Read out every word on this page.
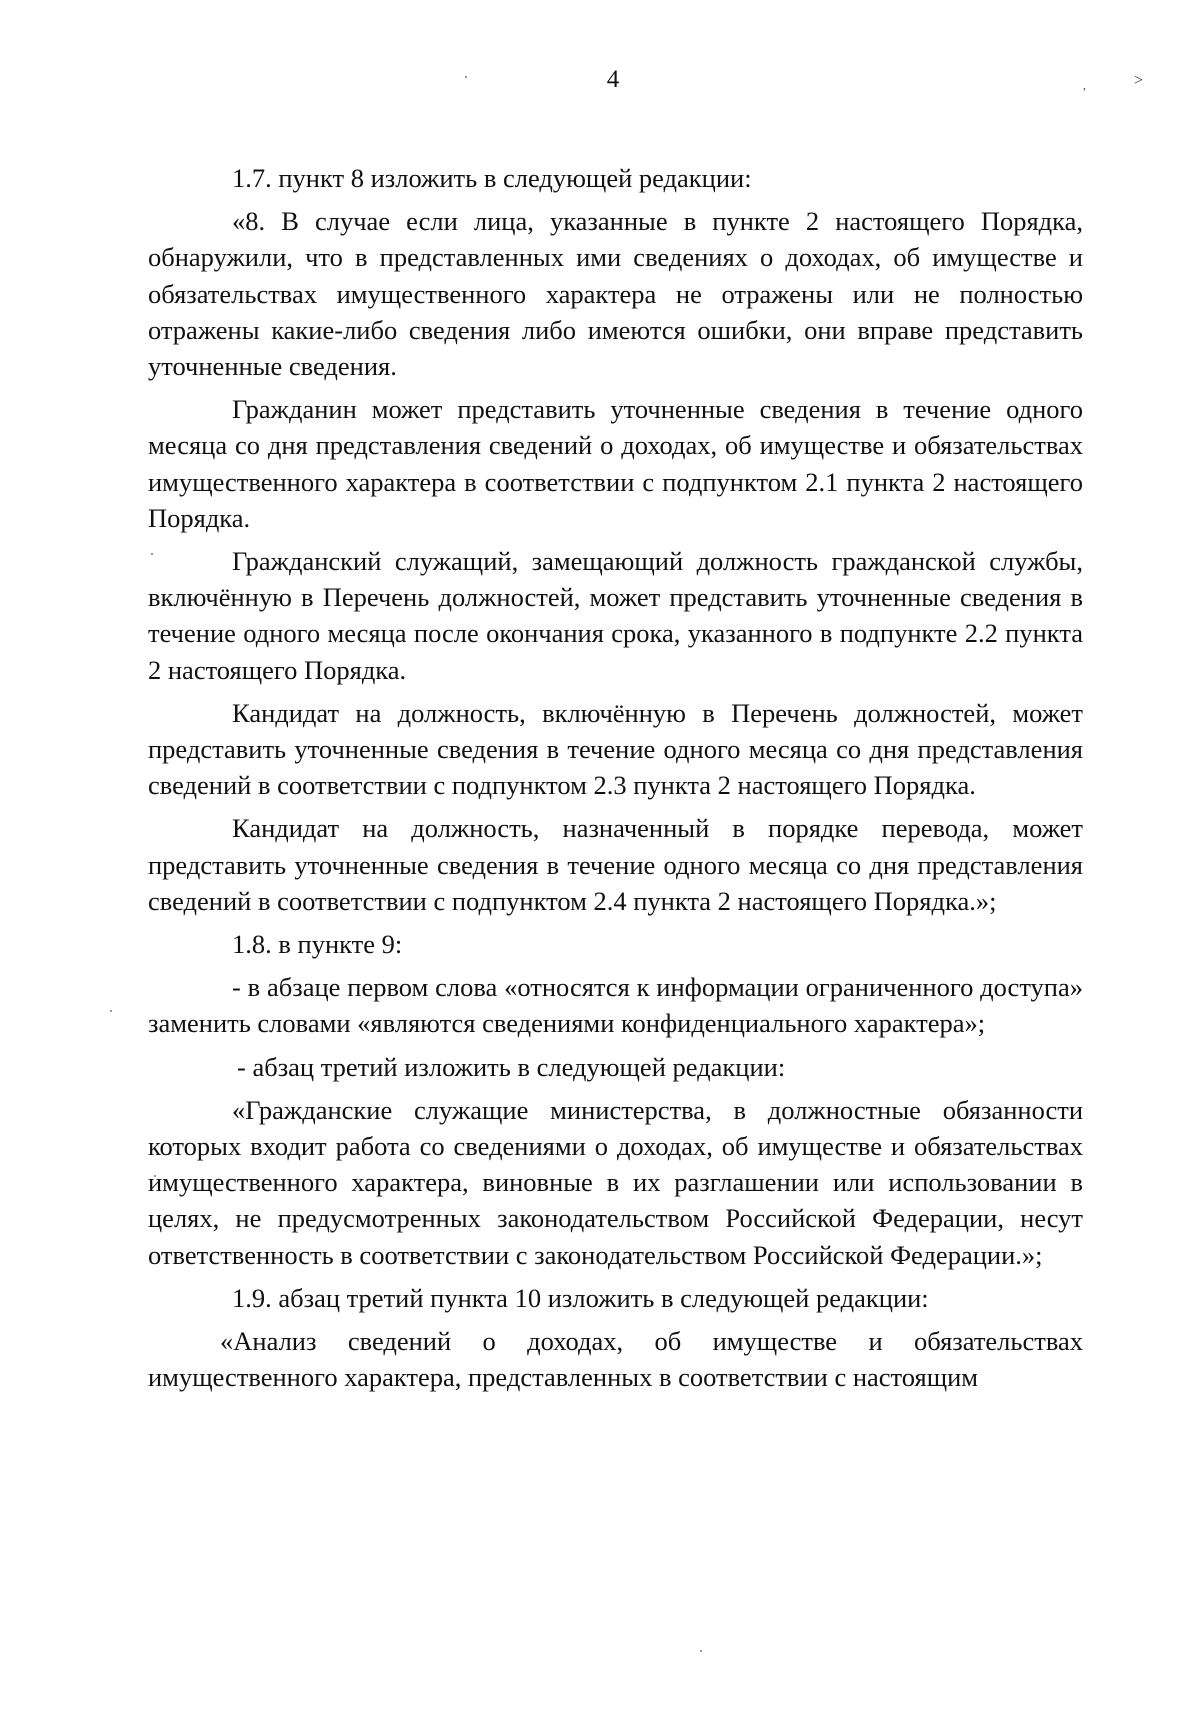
4	˃
,

1.7. пункт 8 изложить в следующей редакции:

«8. В случае если лица, указанные в пункте 2 настоящего Порядка, обнаружили, что в представленных ими сведениях о доходах, об имуществе и обязательствах имущественного характера не отражены или не полностью отражены какие-либо сведения либо имеются ошибки, они вправе представить уточненные сведения.

Гражданин может представить уточненные сведения в течение одного месяца со дня представления сведений о доходах, об имуществе и обязательствах имущественного характера в соответствии с подпунктом 2.1 пункта 2 настоящего Порядка.

Гражданский служащий, замещающий должность гражданской службы, включённую в Перечень должностей, может представить уточненные сведения в течение одного месяца после окончания срока, указанного в подпункте 2.2 пункта 2 настоящего Порядка.

Кандидат на должность, включённую в Перечень должностей, может представить уточненные сведения в течение одного месяца со дня представления сведений в соответствии с подпунктом 2.3 пункта 2 настоящего Порядка.

Кандидат на должность, назначенный в порядке перевода, может представить уточненные сведения в течение одного месяца со дня представления сведений в соответствии с подпунктом 2.4 пункта 2 настоящего Порядка.»;

1.8. в пункте 9:

- в абзаце первом слова «относятся к информации ограниченного доступа» заменить словами «являются сведениями конфиденциального характера»;

- абзац третий изложить в следующей редакции:

«Гражданские служащие министерства, в должностные обязанности которых входит работа со сведениями о доходах, об имуществе и обязательствах имущественного характера, виновные в их разглашении или использовании в целях, не предусмотренных законодательством Российской Федерации, несут ответственность в соответствии с законодательством Российской Федерации.»;

1.9. абзац третий пункта 10 изложить в следующей редакции:

«Анализ сведений о доходах, об имуществе и обязательствах имущественного характера, представленных в соответствии с настоящим
